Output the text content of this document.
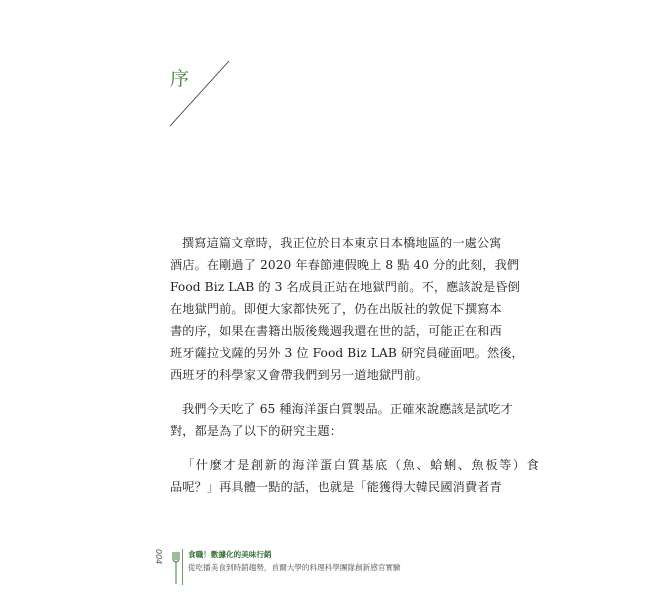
序

撰寫這篇文章時，我正位於日本東京日本橋地區的一處公寓
酒店。在剛過了 2020 年春節連假晚上 8 點 40 分的此刻，我們
Food Biz LAB 的 3 名成員正站在地獄門前。不，應該說是昏倒
在地獄門前。即便大家都快死了，仍在出版社的敦促下撰寫本
書的序，如果在書籍出版後幾週我還在世的話，可能正在和西
班牙薩拉戈薩的另外 3 位 Food Biz LAB 研究員碰面吧。然後，
西班牙的科學家又會帶我們到另一道地獄門前。

我們今天吃了 65 種海洋蛋白質製品。正確來說應該是試吃才
對，都是為了以下的研究主題：

「什麼才是創新的海洋蛋白質基底（魚、蛤蜊、魚板等）食
品呢？」再具體一點的話，也就是「能獲得大韓民國消費者青

004	食職！數據化的美味行銷
從吃播美食到時銷趨勢，首爾大學的料理科學團隊創新感官實驗
